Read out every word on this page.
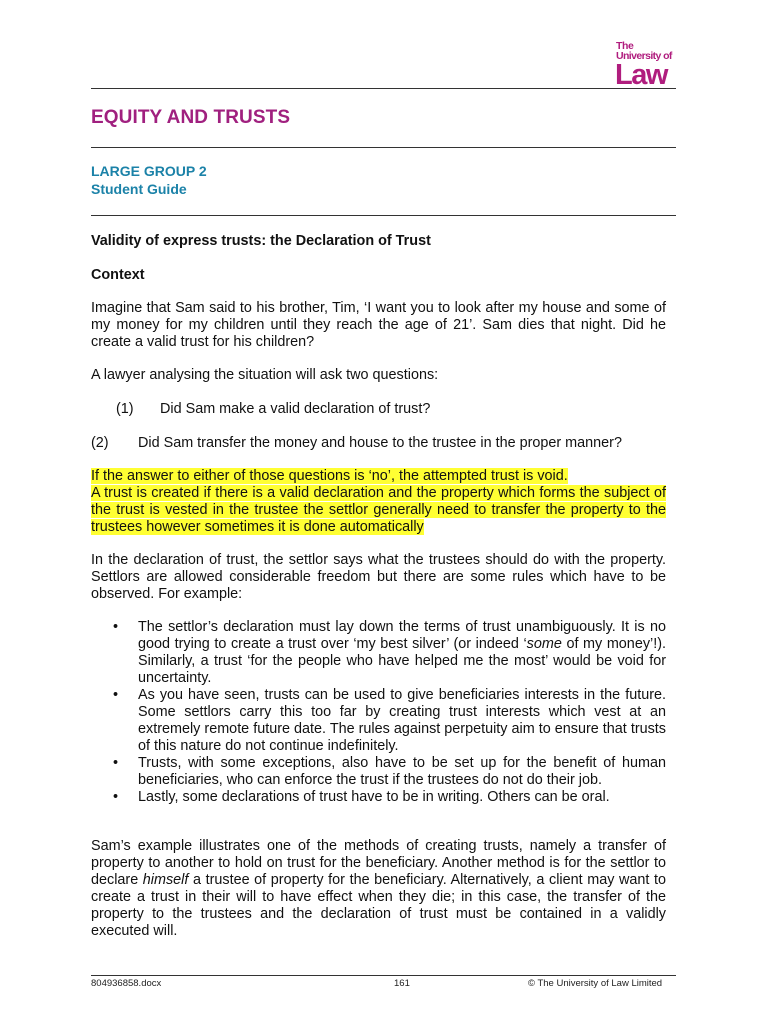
The
University of
Law
EQUITY AND TRUSTS
LARGE GROUP 2
Student Guide
Validity of express trusts: the Declaration of Trust
Context
Imagine that Sam said to his brother, Tim, ‘I want you to look after my house and some of my money for my children until they reach the age of 21’. Sam dies that night. Did he create a valid trust for his children?
A lawyer analysing the situation will ask two questions:
(1) Did Sam make a valid declaration of trust?
(2) Did Sam transfer the money and house to the trustee in the proper manner?
If the answer to either of those questions is ‘no’, the attempted trust is void.
A trust is created if there is a valid declaration and the property which forms the subject of the trust is vested in the trustee the settlor generally need to transfer the property to the trustees however sometimes it is done automatically
In the declaration of trust, the settlor says what the trustees should do with the property. Settlors are allowed considerable freedom but there are some rules which have to be observed. For example:
• The settlor’s declaration must lay down the terms of trust unambiguously. It is no good trying to create a trust over ‘my best silver’ (or indeed ‘some of my money’!). Similarly, a trust ‘for the people who have helped me the most’ would be void for uncertainty.
• As you have seen, trusts can be used to give beneficiaries interests in the future. Some settlors carry this too far by creating trust interests which vest at an extremely remote future date. The rules against perpetuity aim to ensure that trusts of this nature do not continue indefinitely.
• Trusts, with some exceptions, also have to be set up for the benefit of human beneficiaries, who can enforce the trust if the trustees do not do their job.
• Lastly, some declarations of trust have to be in writing. Others can be oral.
Sam’s example illustrates one of the methods of creating trusts, namely a transfer of property to another to hold on trust for the beneficiary. Another method is for the settlor to declare himself a trustee of property for the beneficiary. Alternatively, a client may want to create a trust in their will to have effect when they die; in this case, the transfer of the property to the trustees and the declaration of trust must be contained in a validly executed will.
804936858.docx	161	© The University of Law Limited
